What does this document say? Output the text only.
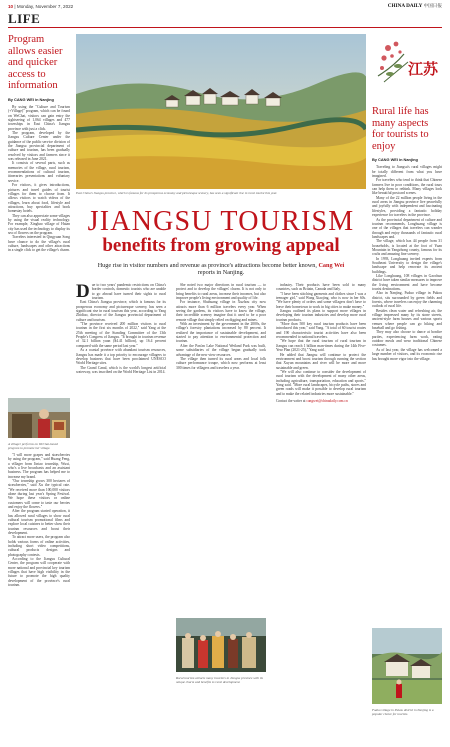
10 | Monday, November 7, 2022	CHINA DAILY 中国日报
LIFE
Program allows easier and quicker access to information
By CANG WEI in Nanjing

By using the "Culture and Tourism (+Village)" program, which can be found on WeChat, visitors can gain entry the sightseeing of 1,064 villages and 477 townships in East China's Jiangsu province with just a click.

The program, developed by the Jiangsu Culture Center under the guidance of the public service division of the Jiangsu provincial department of culture and tourism, has been gradually resolved by visitors and farmers since it was released in June 2021.

It consists of several parts, such as memories of the village, rural tourism, recommendations of cultural tourism, itineraries presentations and voluntary service.

For visitors, it gives introductions, pictures and travel guides of tourist villages for them to choose from. It allows visitors to watch videos of the villages, learn about food, lifestyle and attractions, buy specialties and book homestay hotels.

They can also appreciate some villages by using the visual reality technology. For example, Xingbao village of Haian city has used the technology to display its sea of flowers on the program.

Travelers interested in Qingyuan Song have chance to do the village's rural culture, landscapes and other attractions in a single click to get the village's charm.

A villager performs on WeChat-based program to promote her village.

"I will more grapes and strawberries by using the program," said Huang Feng, a villager from Jintao township, Wuxi, who's a live broadcasts and an assistant business. The program has helped me to increase my brand.

"Our township grows 300 hectares of strawberries," said Xu the typical rate. "We received more than 100,000 visitors alone during last year's Spring Festival. We hope these visitors or online customers will come to taste our berries and enjoy the flowers."

After the program started operation, it has allowed rural villages to show rural cultural tourism promotional films and explore local cuisines to better show their tourism resources and boost their development.

To attract more users, the program also holds various forms of online activities, including short video competitions, cultural products designs and photography contests.

According to the Jiangsu Cultural Center, the program will cooperate with more national and provincial key tourism villages that have high visibility in the future to promote the high quality development of the province's rural tourism.

East China's Jiangsu province, which is famous for its prosperous economy and picturesque scenery, has seen a significant rise in rural tourist this year.
JIANGSU TOURISM
benefits from growing appeal
Huge rise in visitor numbers and revenue as province's attractions become better known, Cang Wei reports in Nanjing.

Due to two years' pandemic restrictions on China's border controls, domestic tourists who are unable to go abroad have turned their sights to rural tourism.

East China's Jiangsu province, which is famous for its prosperous economy and picturesque scenery, has seen a significant rise in rural tourism this year, according to Yang Zhidiao, director of the Jiangsu provincial department of culture and tourism.

"The province received 200 million visitors to rural tourism in the first six months of 2022," said Yang at the 25th meeting of the Standing Committee of the 13th People's Congress of Jiangsu. "It brought in tourism revenue of 32.1 billion yuan ($4.41 billion), up 16.4 percent compared with the same period last year."

As a coastal province with abundant tourism resources, Jiangsu has made it a top priority to encourage villagers to develop business that have been proclaimed UNESCO World Heritage sites.

The Grand Canal, which is the world's longest artificial waterway, was inscribed on the World Heritage List in 2014.

She noted two major directions in rural tourism — to protect and to develop the villages' charm. It is not only to bring benefits to rural areas, increase their incomes, but also improve people's living environment and quality of life.

For instance, Shuhuang village in Xuzhou city now attracts more than 6 million travelers every year. When seeing the gardens, its visitors have to know the village, their incredible scenery imagine that it used to be a poor remote village that simply relied on digging and mines.

With an investment by the government in the 2000s, the village's forestry plantations increased by 80 percent. It realized the importance of sustainable development, and started to pay attention to environmental protection and tourism.

After the Pan'an Lake National Wetland Park was built, some subsidiaries of the village began gradually took advantage of the new view resources.

The village then turned its rural areas and local folk culture performance troupe, which now performs at least 300 times for villagers and travelers a year.

Rural tourism attracts many travelers to Jiangsu province with its unique charm and benefits to rural development.

industry. Their products have been sold to many countries, such as Britain, Canada and Italy.

"I have been stitching garments and clothes since I was a teenager girl," said Wang Xiaojing, who is now in her 60s. "We have plenty of orders and some villagers don't have to leave their hometown to work in big cities to make money."

Jiangsu outlined its plans to support more villages in developing their tourism industries and develop more rural tourism products.

"More than 500 key rural tourism products have been introduced this year," said Yang. "A total of 60 tourist routes and 190 characteristic tourist activities have also been recommended to national travelers.

"We hope that the rural tourism of rural tourism in Jiangsu can reach 1 billion man-times during the 14th Five-Year Plan (2021-25)," Yang said.

He added that Jiangsu will continue to protect the environment and boost tourism through running the section that Xuyun mountains and river will be more and more sustainable and green.

"We will also continue to consider the development of rural tourism with the development of many other areas, including agriculture, transportation, education and sports." Yang said. "More rural landscapes, bicycle paths, stores and green roads will make it possible to develop rural tourism and to make the related industries more sustainable."

Contact the writer at cangwei@chinadaily.com.cn
江苏
Rural life has many aspects for tourists to enjoy
By CANG WEI in Nanjing

Traveling to Jiangsu's rural villages might be totally different from what you have imagined.

For travelers who tend to think that Chinese farmers live in poor conditions, the rural tours can help them to rethink. Many villages look like beautiful postcard scenes.

Many of the 22 million people living in the rural areas in Jiangsu province live peacefully and joyfully with independent and fascinating lifestyles, providing a fantastic holiday experience for travelers in the province.

As the provincial department of culture and tourism recommends, Longhuang village is one of the villages that travelers can wander through and enjoy thousands of fantastic rural landscapes and.

The village, which has 44 people from 31 households, is located at the foot of Yuan Mountain in Yangzhong county, famous for its crafts and amazing fine scenery.

In 1993, Longhuang invited experts from Southeast University to design the village's landscape and help renovate its ancient buildings.

Like Longhuang, 108 villages in Gaochun district have taken similar measures to improve the living environment and have become tourist destinations.

Also in Nanjing, Fuduo village in Pukou district, sits surrounded by green fields and forests, where travelers can enjoy the charming outlook of rural life.

Besides clean water and refreshing air, the village impressed many by its stone streets, ancient-style farm houses and various sports venues where people can go hiking and baseball and go fishing.

They may also choose to dance at bonfire parties, experiencing farm work, eating outdoor meals and wear traditional Chinese costumes.

As of last year, the village has welcomed a large number of visitors, and its economic rise has brought more vigor into the village.

Fuduo village in Pukou district in Nanjing is a popular choice for tourists.
